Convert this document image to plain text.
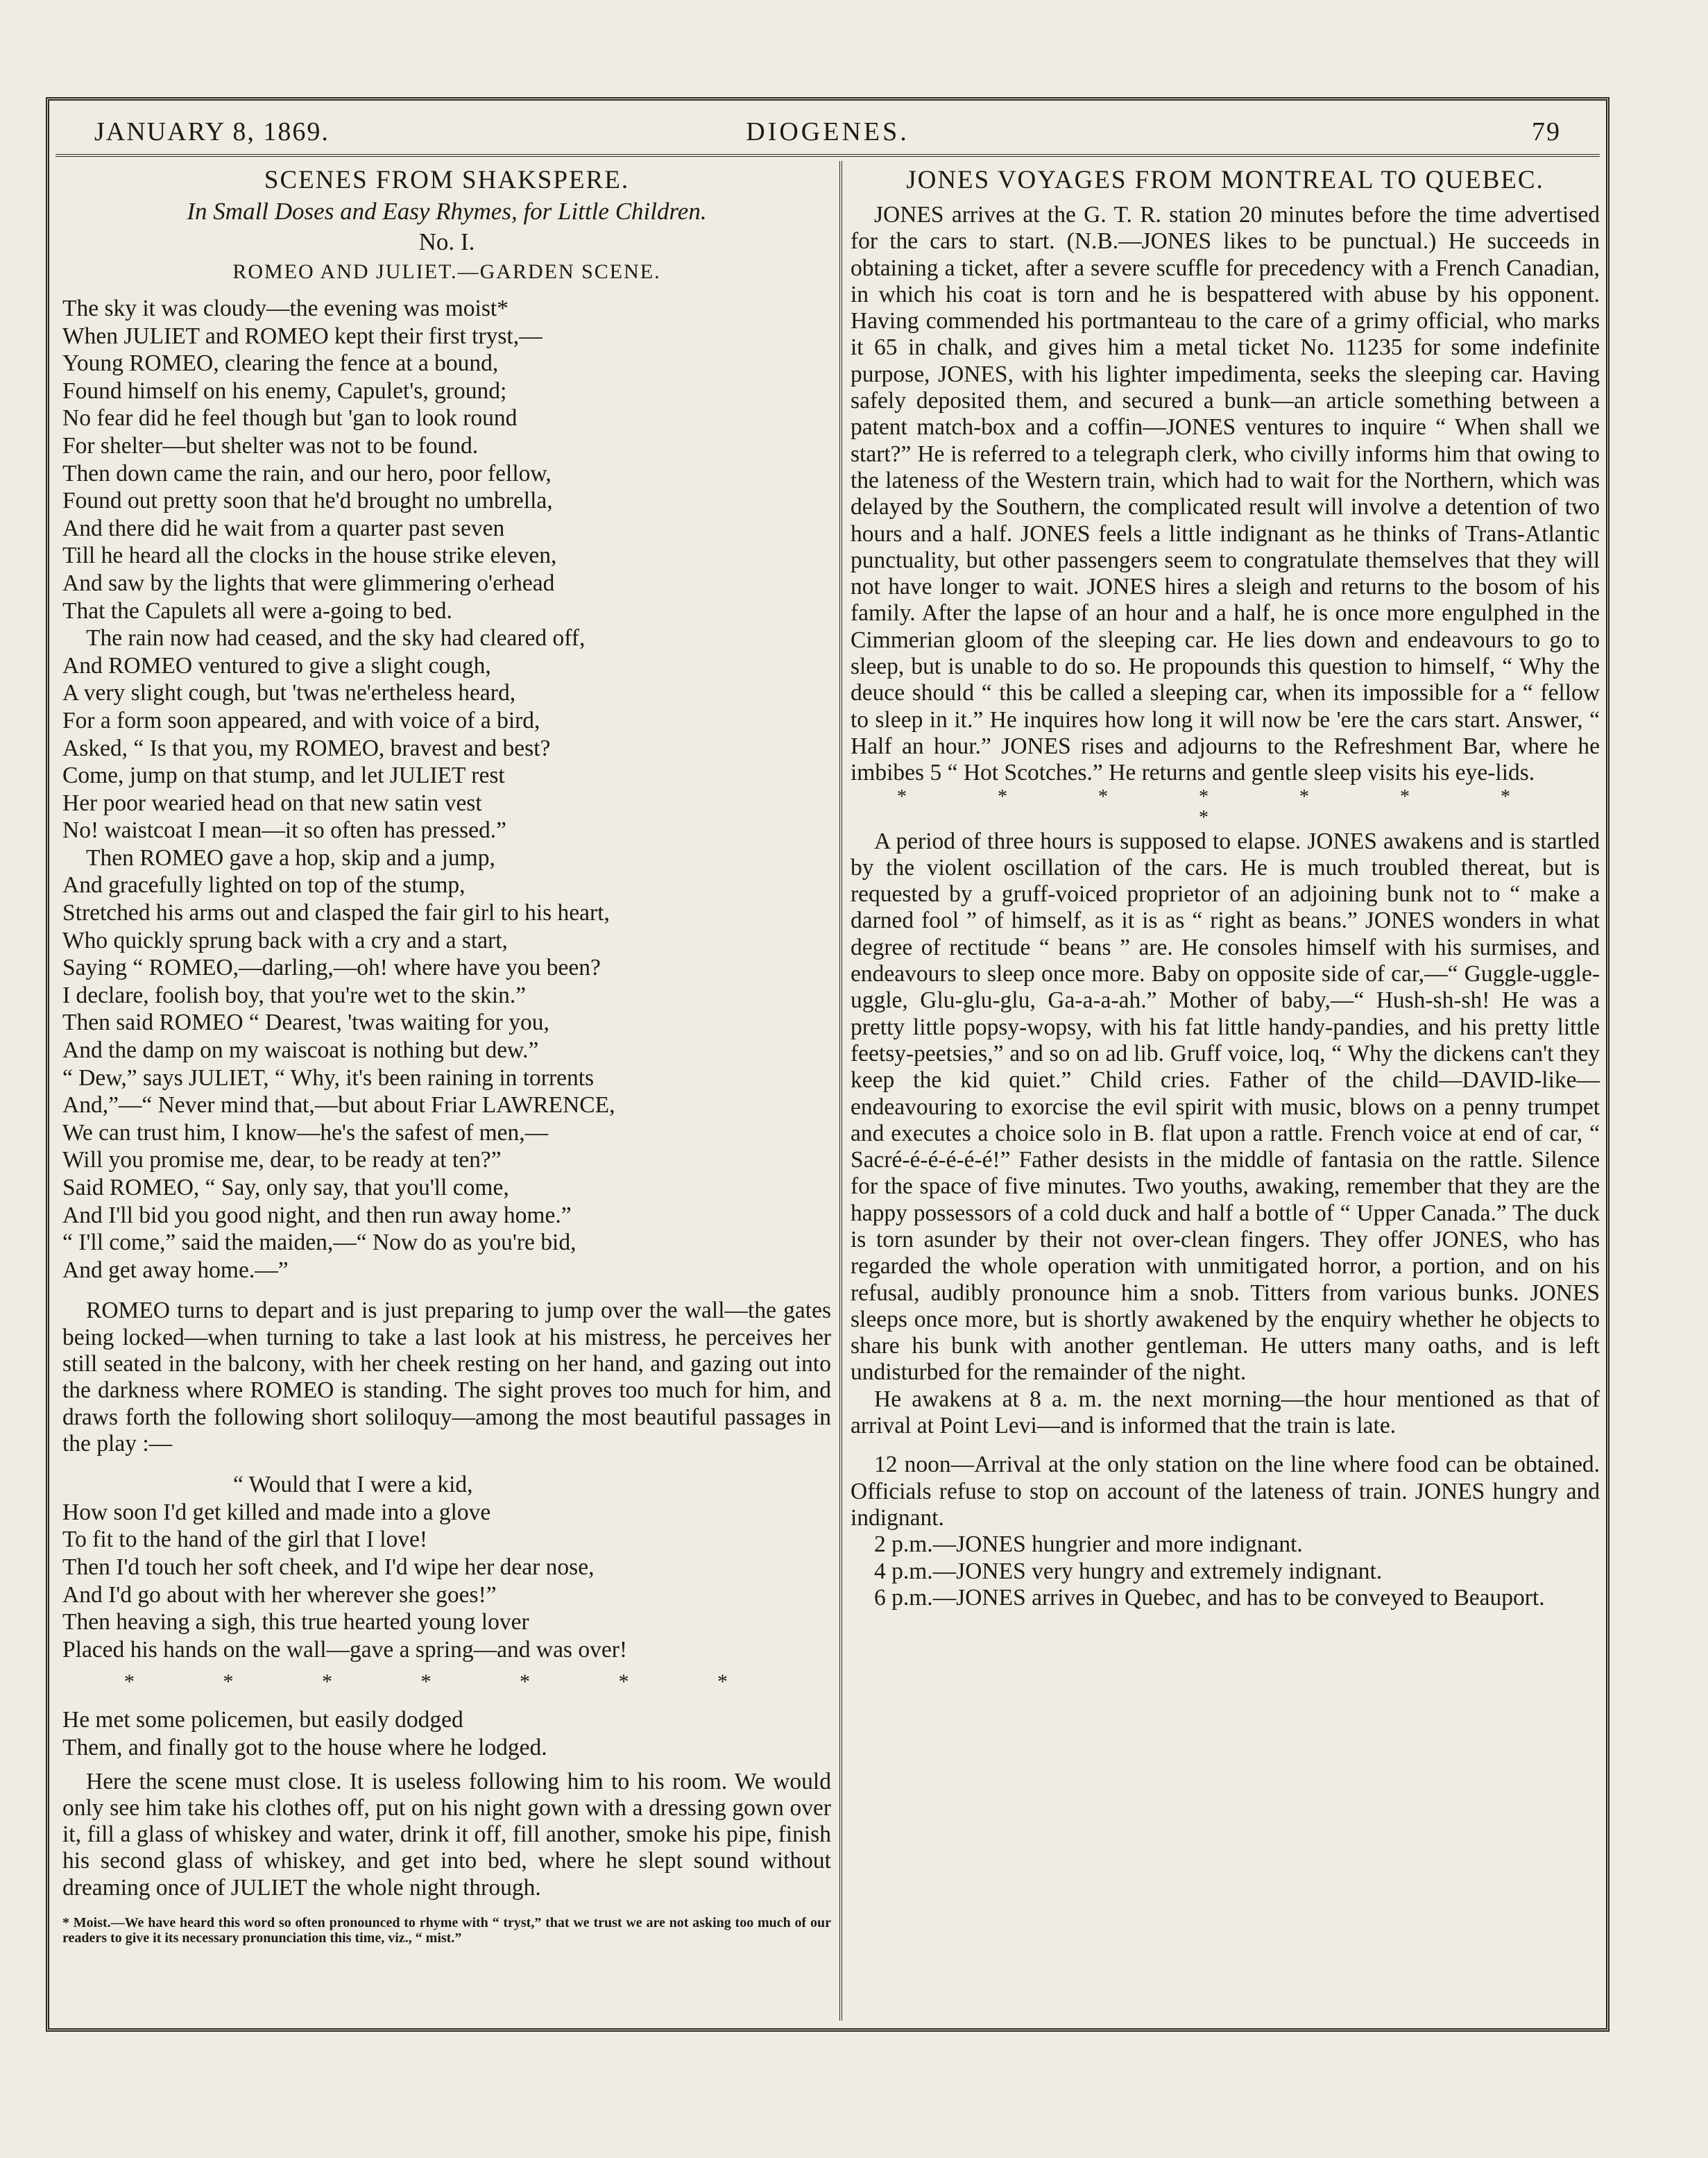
JANUARY 8, 1869.	DIOGENES.	79
SCENES FROM SHAKSPERE.
In Small Doses and Easy Rhymes, for Little Children.
No. I.
ROMEO AND JULIET.—GARDEN SCENE.
The sky it was cloudy—the evening was moist*
When JULIET and ROMEO kept their first tryst,—
Young ROMEO, clearing the fence at a bound,
Found himself on his enemy, Capulet's, ground;
No fear did he feel though but 'gan to look round
For shelter—but shelter was not to be found.
Then down came the rain, and our hero, poor fellow,
Found out pretty soon that he'd brought no umbrella,
And there did he wait from a quarter past seven
Till he heard all the clocks in the house strike eleven,
And saw by the lights that were glimmering o'erhead
That the Capulets all were a-going to bed.
The rain now had ceased, and the sky had cleared off,
And ROMEO ventured to give a slight cough,
A very slight cough, but 'twas ne'ertheless heard,
For a form soon appeared, and with voice of a bird,
Asked, “ Is that you, my ROMEO, bravest and best?
Come, jump on that stump, and let JULIET rest
Her poor wearied head on that new satin vest
No! waistcoat I mean—it so often has pressed.”
Then ROMEO gave a hop, skip and a jump,
And gracefully lighted on top of the stump,
Stretched his arms out and clasped the fair girl to his heart,
Who quickly sprung back with a cry and a start,
Saying “ ROMEO,—darling,—oh! where have you been?
I declare, foolish boy, that you're wet to the skin.”
Then said ROMEO “ Dearest, 'twas waiting for you,
And the damp on my waiscoat is nothing but dew.”
“ Dew,” says JULIET, “ Why, it's been raining in torrents
And,”—“ Never mind that,—but about Friar LAWRENCE,
We can trust him, I know—he's the safest of men,—
Will you promise me, dear, to be ready at ten?”
Said ROMEO, “ Say, only say, that you'll come,
And I'll bid you good night, and then run away home.”
“ I'll come,” said the maiden,—“ Now do as you're bid,
And get away home.—”

ROMEO turns to depart and is just preparing to jump over the wall—the gates being locked—when turning to take a last look at his mistress, he perceives her still seated in the balcony, with her cheek resting on her hand, and gazing out into the darkness where ROMEO is standing. The sight proves too much for him, and draws forth the following short soliloquy—among the most beautiful passages in the play :—

“ Would that I were a kid,
How soon I'd get killed and made into a glove
To fit to the hand of the girl that I love!
Then I'd touch her soft cheek, and I'd wipe her dear nose,
And I'd go about with her wherever she goes!”
Then heaving a sigh, this true hearted young lover
Placed his hands on the wall—gave a spring—and was over!
* * * * * * *
He met some policemen, but easily dodged
Them, and finally got to the house where he lodged.

Here the scene must close. It is useless following him to his room. We would only see him take his clothes off, put on his night gown with a dressing gown over it, fill a glass of whiskey and water, drink it off, fill another, smoke his pipe, finish his second glass of whiskey, and get into bed, where he slept sound without dreaming once of JULIET the whole night through.

* Moist.—We have heard this word so often pronounced to rhyme with “ tryst,” that we trust we are not asking too much of our readers to give it its necessary pronunciation this time, viz., “ mist.”
JONES VOYAGES FROM MONTREAL TO QUEBEC.

JONES arrives at the G. T. R. station 20 minutes before the time advertised for the cars to start. (N.B.—JONES likes to be punctual.) He succeeds in obtaining a ticket, after a severe scuffle for precedency with a French Canadian, in which his coat is torn and he is bespattered with abuse by his opponent. Having commended his portmanteau to the care of a grimy official, who marks it 65 in chalk, and gives him a metal ticket No. 11235 for some indefinite purpose, JONES, with his lighter impedimenta, seeks the sleeping car. Having safely deposited them, and secured a bunk—an article something between a patent match-box and a coffin—JONES ventures to inquire “ When shall we start?” He is referred to a telegraph clerk, who civilly informs him that owing to the lateness of the Western train, which had to wait for the Northern, which was delayed by the Southern, the complicated result will involve a detention of two hours and a half. JONES feels a little indignant as he thinks of Trans-Atlantic punctuality, but other passengers seem to congratulate themselves that they will not have longer to wait. JONES hires a sleigh and returns to the bosom of his family. After the lapse of an hour and a half, he is once more engulphed in the Cimmerian gloom of the sleeping car. He lies down and endeavours to go to sleep, but is unable to do so. He propounds this question to himself, “ Why the deuce should “ this be called a sleeping car, when its impossible for a “ fellow to sleep in it.” He inquires how long it will now be 'ere the cars start. Answer, “ Half an hour.” JONES rises and adjourns to the Refreshment Bar, where he imbibes 5 “ Hot Scotches.” He returns and gentle sleep visits his eye-lids.

* * * * * * * *

A period of three hours is supposed to elapse. JONES awakens and is startled by the violent oscillation of the cars. He is much troubled thereat, but is requested by a gruff-voiced proprietor of an adjoining bunk not to “ make a darned fool ” of himself, as it is as “ right as beans.” JONES wonders in what degree of rectitude “ beans ” are. He consoles himself with his surmises, and endeavours to sleep once more. Baby on opposite side of car,—“ Guggle-uggle-uggle, Glu-glu-glu, Ga-a-a-ah.” Mother of baby,—“ Hush-sh-sh! He was a pretty little popsy-wopsy, with his fat little handy-pandies, and his pretty little feetsy-peetsies,” and so on ad lib. Gruff voice, loq, “ Why the dickens can't they keep the kid quiet.” Child cries. Father of the child—DAVID-like—endeavouring to exorcise the evil spirit with music, blows on a penny trumpet and executes a choice solo in B. flat upon a rattle. French voice at end of car, “ Sacré-é-é-é-é-é!” Father desists in the middle of fantasia on the rattle. Silence for the space of five minutes. Two youths, awaking, remember that they are the happy possessors of a cold duck and half a bottle of “ Upper Canada.” The duck is torn asunder by their not over-clean fingers. They offer JONES, who has regarded the whole operation with unmitigated horror, a portion, and on his refusal, audibly pronounce him a snob. Titters from various bunks. JONES sleeps once more, but is shortly awakened by the enquiry whether he objects to share his bunk with another gentleman. He utters many oaths, and is left undisturbed for the remainder of the night.

He awakens at 8 a. m. the next morning—the hour mentioned as that of arrival at Point Levi—and is informed that the train is late.

12 noon—Arrival at the only station on the line where food can be obtained. Officials refuse to stop on account of the lateness of train. JONES hungry and indignant.

2 p.m.—JONES hungrier and more indignant.

4 p.m.—JONES very hungry and extremely indignant.

6 p.m.—JONES arrives in Quebec, and has to be conveyed to Beauport.
